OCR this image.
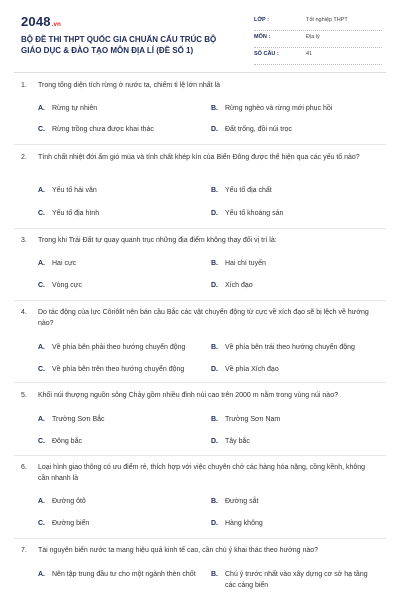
2048.vn
BỘ ĐỀ THI THPT QUỐC GIA CHUẨN CẤU TRÚC BỘ GIÁO DỤC & ĐÀO TẠO MÔN ĐỊA LÍ (ĐỀ SỐ 1)
LỚP :	Tốt nghiệp THPT
MÔN :	Địa lý
SỐ CÂU :	41
1. Trong tổng diện tích rừng ở nước ta, chiếm tỉ lệ lớn nhất là
A. Rừng tự nhiên	B. Rừng nghèo và rừng mới phục hồi
C. Rừng trồng chưa được khai thác	D. Đất trống, đồi núi trọc
2. Tính chất nhiệt đới ẩm gió mùa và tính chất khép kín của Biển Đông được thể hiện qua các yếu tố nào?
A. Yếu tố hải văn	B. Yếu tố địa chất
C. Yếu tố địa hình	D. Yếu tố khoáng sản
3. Trong khi Trái Đất tự quay quanh trục những địa điểm không thay đổi vị trí là:
A. Hai cực	B. Hai chí tuyến
C. Vòng cực	D. Xích đạo
4. Do tác động của lực Côriôlit nên bán cầu Bắc các vật chuyển động từ cực về xích đạo sẽ bị lệch về hướng nào?
A. Về phía bên phải theo hướng chuyển động	B. Về phía bên trái theo hướng chuyển động
C. Về phía bên trên theo hướng chuyển động	D. Về phía Xích đạo
5. Khối núi thượng nguồn sông Chảy gồm nhiều đỉnh núi cao trên 2000 m nằm trong vùng núi nào?
A. Trường Sơn Bắc	B. Trường Sơn Nam
C. Đông bắc	D. Tây bắc
6. Loại hình giao thông có ưu điểm rẻ, thích hợp với việc chuyên chở các hàng hóa nặng, cồng kềnh, không cần nhanh là
A. Đường ôtô	B. Đường sắt
C. Đường biển	D. Hàng không
7. Tài nguyên biển nước ta mang hiệu quả kinh tế cao, cần chú ý khai thác theo hướng nào?
A. Nên tập trung đầu tư cho một ngành thèn chốt	B. Chú ý trước nhất vào xây dựng cơ sở hạ tầng các cảng biển
